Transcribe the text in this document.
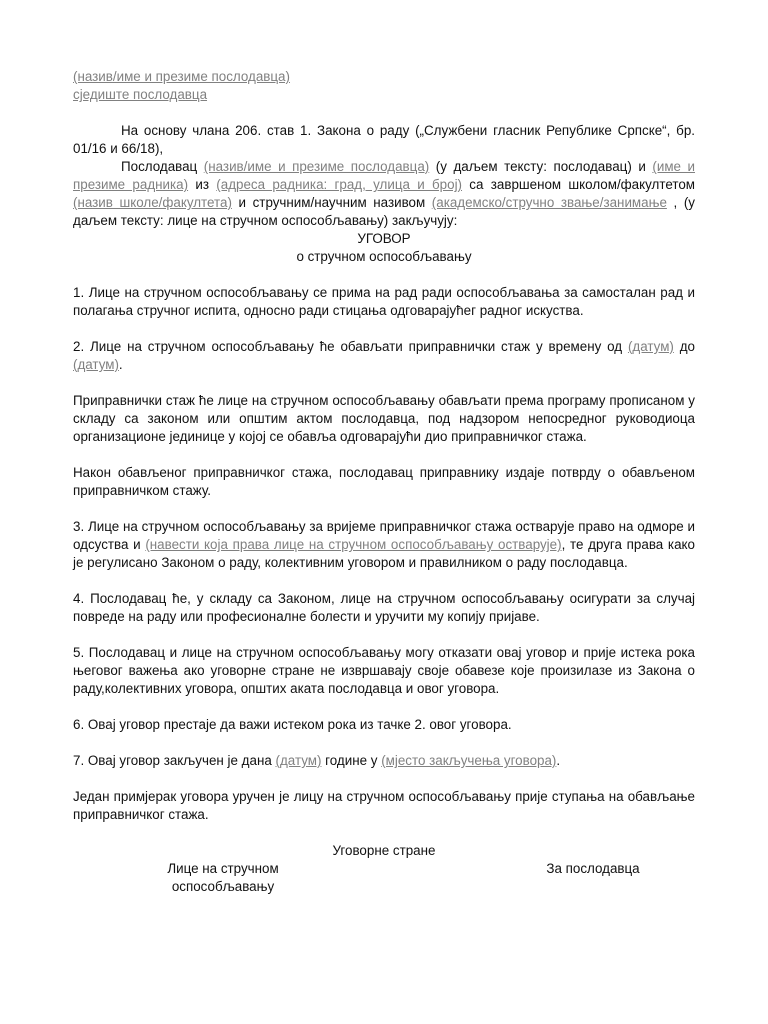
(назив/име и презиме послодавца)

сједиште послодавца

На основу члана 206. став 1. Закона о раду („Службени гласник Републике Српске“, бр. 01/16 и 66/18),

Послодавац (назив/име и презиме послодавца) (у даљем тексту: послодавац) и (име и презиме радника) из (адреса радника: град, улица и број) са завршеном школом/факултетом (назив школе/факултета) и стручним/научним називом (академско/стручно звање/занимање , (у даљем тексту: лице на стручном оспособљавању) закључују:

УГОВОР

о стручном оспособљавању

1. Лице на стручном оспособљавању се прима на рад ради оспособљавања за самосталан рад и полагања стручног испита, односно ради стицања одговарајућег радног искуства.

2. Лице на стручном оспособљавању ће обављати приправнички стаж у времену од (датум) до (датум).

Приправнички стаж ће лице на стручном оспособљавању обављати према програму прописаном у складу са законом или општим актом послодавца, под надзором непосредног руководиоца организационе јединице у којој се обавља одговарајући дио приправничког стажа.

Након обављеног приправничког стажа, послодавац приправнику издаје потврду о обављеном приправничком стажу.

3. Лице на стручном оспособљавању за вријеме приправничког стажа остварује право на одморе и одсуства и (навести која права лице на стручном оспособљавању остварује), те друга права како је регулисано Законом о раду, колективним уговором и правилником о раду послодавца.

4. Послодавац ће, у складу са Законом, лице на стручном оспособљавању осигурати за случај повреде на раду или професионалне болести и уручити му копију пријаве.

5. Послодавац и лице на стручном оспособљавању могу отказати овај уговор и прије истека рока његовог важења ако уговорне стране не извршавају своје обавезе које произилазе из Закона о раду,колективних уговора, општих аката послодавца и овог уговора.

6. Овај уговор престаје да важи истеком рока из тачке 2. овог уговора.

7. Овај уговор закључен је дана (датум) године у (мјесто закључења уговора).

Један примјерак уговора уручен је лицу на стручном оспособљавању прије ступања на обављање приправничког стажа.

Уговорне стране

Лице на стручном оспособљавању
За послодавца
